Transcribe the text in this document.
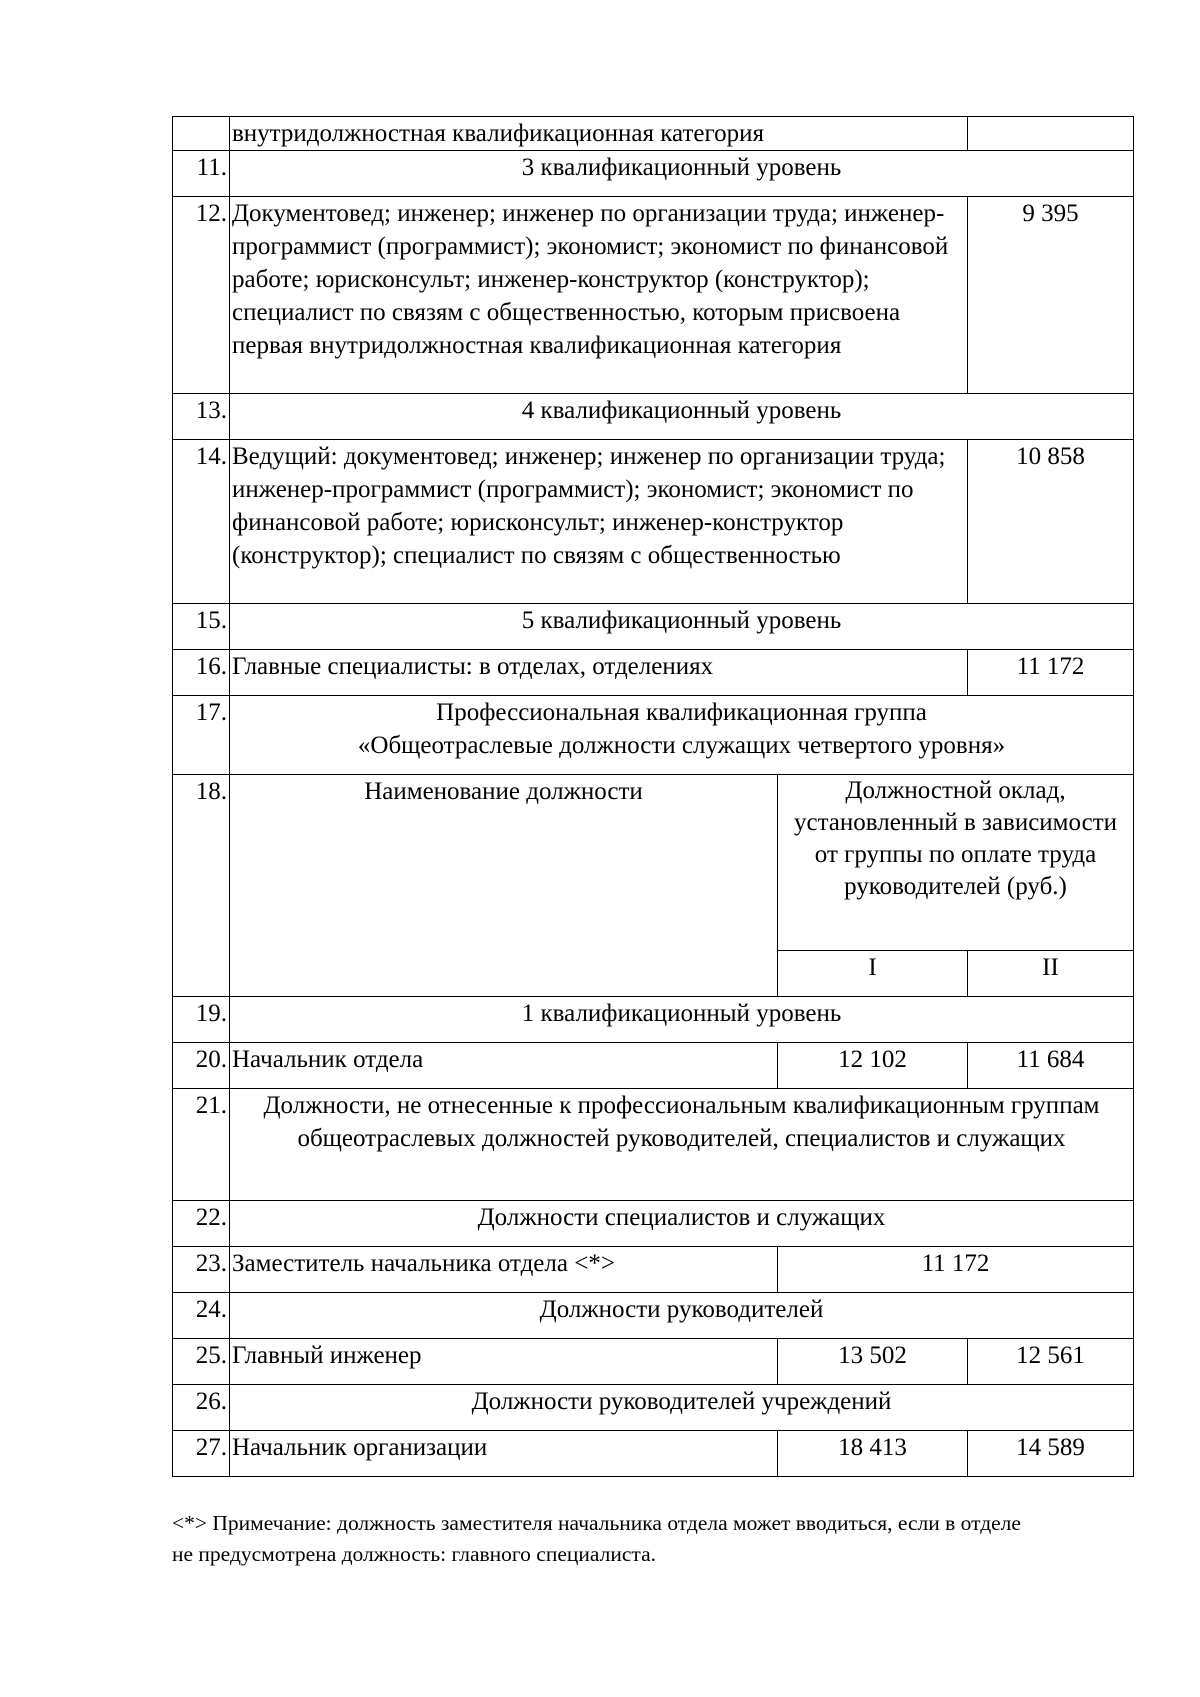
	внутридолжностная квалификационная категория		
11.	3 квалификационный уровень		
12.	Документовед; инженер; инженер по организации труда; инженер-программист (программист); экономист; экономист по финансовой работе; юрисконсульт; инженер-конструктор (конструктор); специалист по связям с общественностью, которым присвоена первая внутридолжностная квалификационная категория		9 395
13.	4 квалификационный уровень		
14.	Ведущий: документовед; инженер; инженер по организации труда; инженер-программист (программист); экономист; экономист по финансовой работе; юрисконсульт; инженер-конструктор (конструктор); специалист по связям с общественностью		10 858
15.	5 квалификационный уровень		
16.	Главные специалисты: в отделах, отделениях		11 172
17.	Профессиональная квалификационная группа
«Общеотраслевые должности служащих четвертого уровня»		

18.	Наименование должности	Должностной оклад, установленный в зависимости от группы по оплате труда руководителей (руб.)	
		I	II
19.	1 квалификационный уровень		
20.	Начальник отдела	12 102	11 684
21.	Должности, не отнесенные к профессиональным квалификационным группам общеотраслевых должностей руководителей, специалистов и служащих		
22.	Должности специалистов и служащих		
23.	Заместитель начальника отдела <*>	11 172	
24.	Должности руководителей		
25.	Главный инженер	13 502	12 561
26.	Должности руководителей учреждений		
27.	Начальник организации	18 413	14 589
<*> Примечание: должность заместителя начальника отдела может вводиться, если в отделе
не предусмотрена должность: главного специалиста.
